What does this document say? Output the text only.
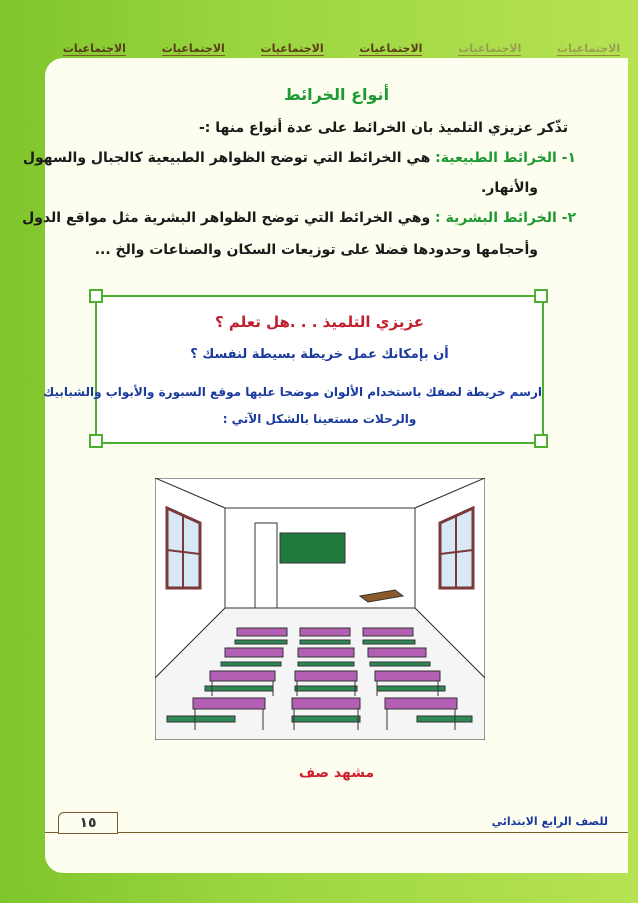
الاجتماعيات	الاجتماعيات	الاجتماعيات	الاجتماعيات	الاجتماعيات	الاجتماعيات
أنواع الخرائط
تذّكر عزيزي التلميذ بان الخرائط على عدة أنواع منها :-
١- الخرائط الطبيعية: هي الخرائط التي توضح الظواهر الطبيعية كالجبال والسهول
والأنهار.
٢- الخرائط البشرية : وهي الخرائط التي توضح الظواهر البشرية مثل مواقع الدول
وأحجامها وحدودها فضلا على توزيعات السكان والصناعات والخ ...
عزيزي التلميذ . . .هل تعلم ؟
أن بإمكانك عمل خريطة بسيطة لنفسك ؟
ارسم خريطة لصفك باستخدام الألوان موضحا عليها موقع السبورة والأبواب والشبابيك
والرحلات مستعينا بالشكل الآتي :
مشهد صف
١٥	للصف الرابع الابتدائي
